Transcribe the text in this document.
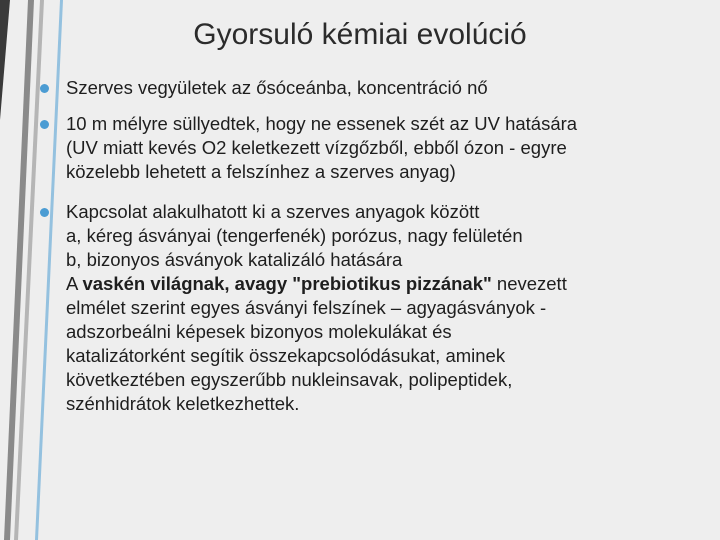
Gyorsuló kémiai evolúció
Szerves vegyületek az ősóceánba, koncentráció nő
10 m mélyre süllyedtek, hogy ne essenek szét az UV hatására
(UV miatt kevés O2 keletkezett vízgőzből, ebből ózon - egyre
közelebb lehetett a felszínhez a szerves anyag)
Kapcsolat alakulhatott ki a szerves anyagok között
a, kéreg ásványai (tengerfenék) porózus, nagy felületén
b, bizonyos ásványok katalizáló hatására
A vaskén világnak, avagy "prebiotikus pizzának" nevezett
elmélet szerint egyes ásványi felszínek – agyagásványok -
adszorbeálni képesek bizonyos molekulákat és
katalizátorként segítik összekapcsolódásukat, aminek
következtében egyszerűbb nukleinsavak, polipeptidek,
szénhidrátok keletkezhettek.
